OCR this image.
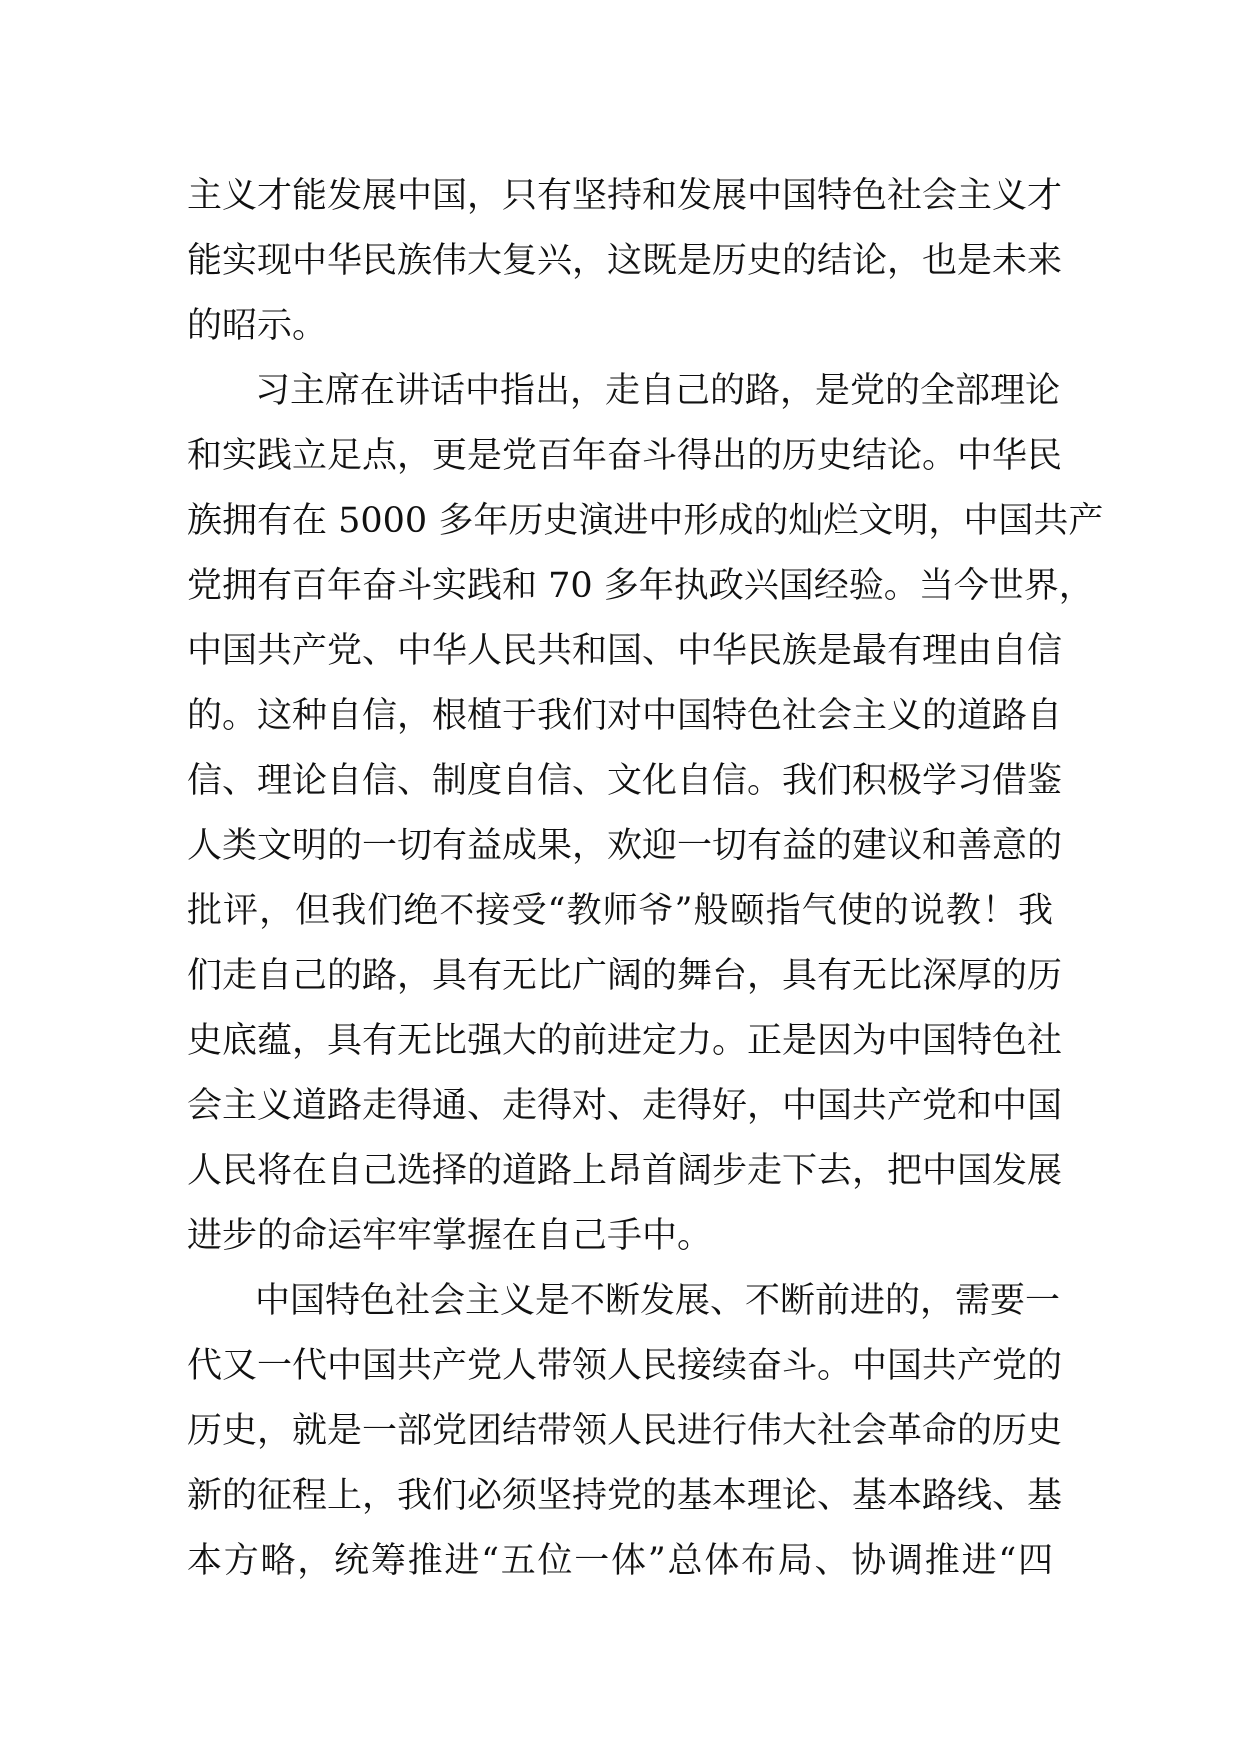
主义才能发展中国，只有坚持和发展中国特色社会主义才
能实现中华民族伟大复兴，这既是历史的结论，也是未来
的昭示。
习主席在讲话中指出，走自己的路，是党的全部理论
和实践立足点，更是党百年奋斗得出的历史结论。中华民
族拥有在 5000 多年历史演进中形成的灿烂文明，中国共产
党拥有百年奋斗实践和 70 多年执政兴国经验。当今世界，
中国共产党、中华人民共和国、中华民族是最有理由自信
的。这种自信，根植于我们对中国特色社会主义的道路自
信、理论自信、制度自信、文化自信。我们积极学习借鉴
人类文明的一切有益成果，欢迎一切有益的建议和善意的
批评，但我们绝不接受“教师爷”般颐指气使的说教！我
们走自己的路，具有无比广阔的舞台，具有无比深厚的历
史底蕴，具有无比强大的前进定力。正是因为中国特色社
会主义道路走得通、走得对、走得好，中国共产党和中国
人民将在自己选择的道路上昂首阔步走下去，把中国发展
进步的命运牢牢掌握在自己手中。
中国特色社会主义是不断发展、不断前进的，需要一
代又一代中国共产党人带领人民接续奋斗。中国共产党的
历史，就是一部党团结带领人民进行伟大社会革命的历史
新的征程上，我们必须坚持党的基本理论、基本路线、基
本方略，统筹推进“五位一体”总体布局、协调推进“四
